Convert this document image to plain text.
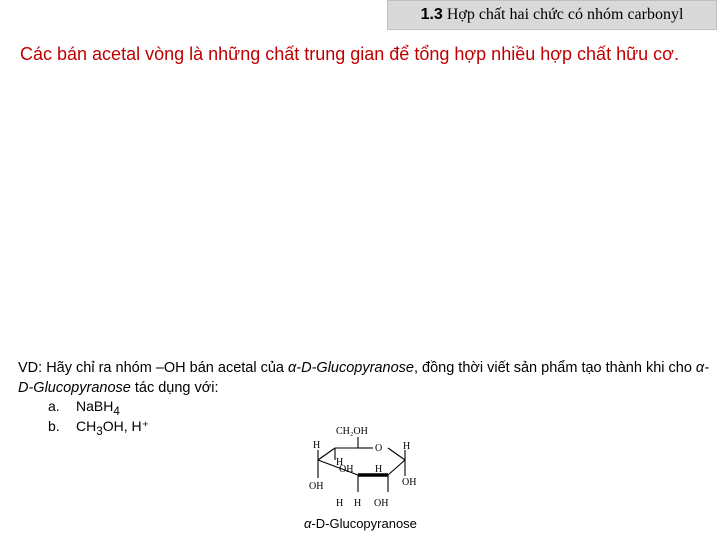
1.3 Hợp chất hai chức có nhóm carbonyl
Các bán acetal vòng là những chất trung gian để tổng hợp nhiều hợp chất hữu cơ.
VD: Hãy chỉ ra nhóm –OH bán acetal của α-D-Glucopyranose, đồng thời viết sản phẩm tạo thành khi cho α-D-Glucopyranose tác dụng với:
a. NaBH$_4$
b. $CH_3OH$, H⁺	CH₂OH
O H
H
H
OH H
OH
OH
H	OH
H
α-D-Glucopyranose
